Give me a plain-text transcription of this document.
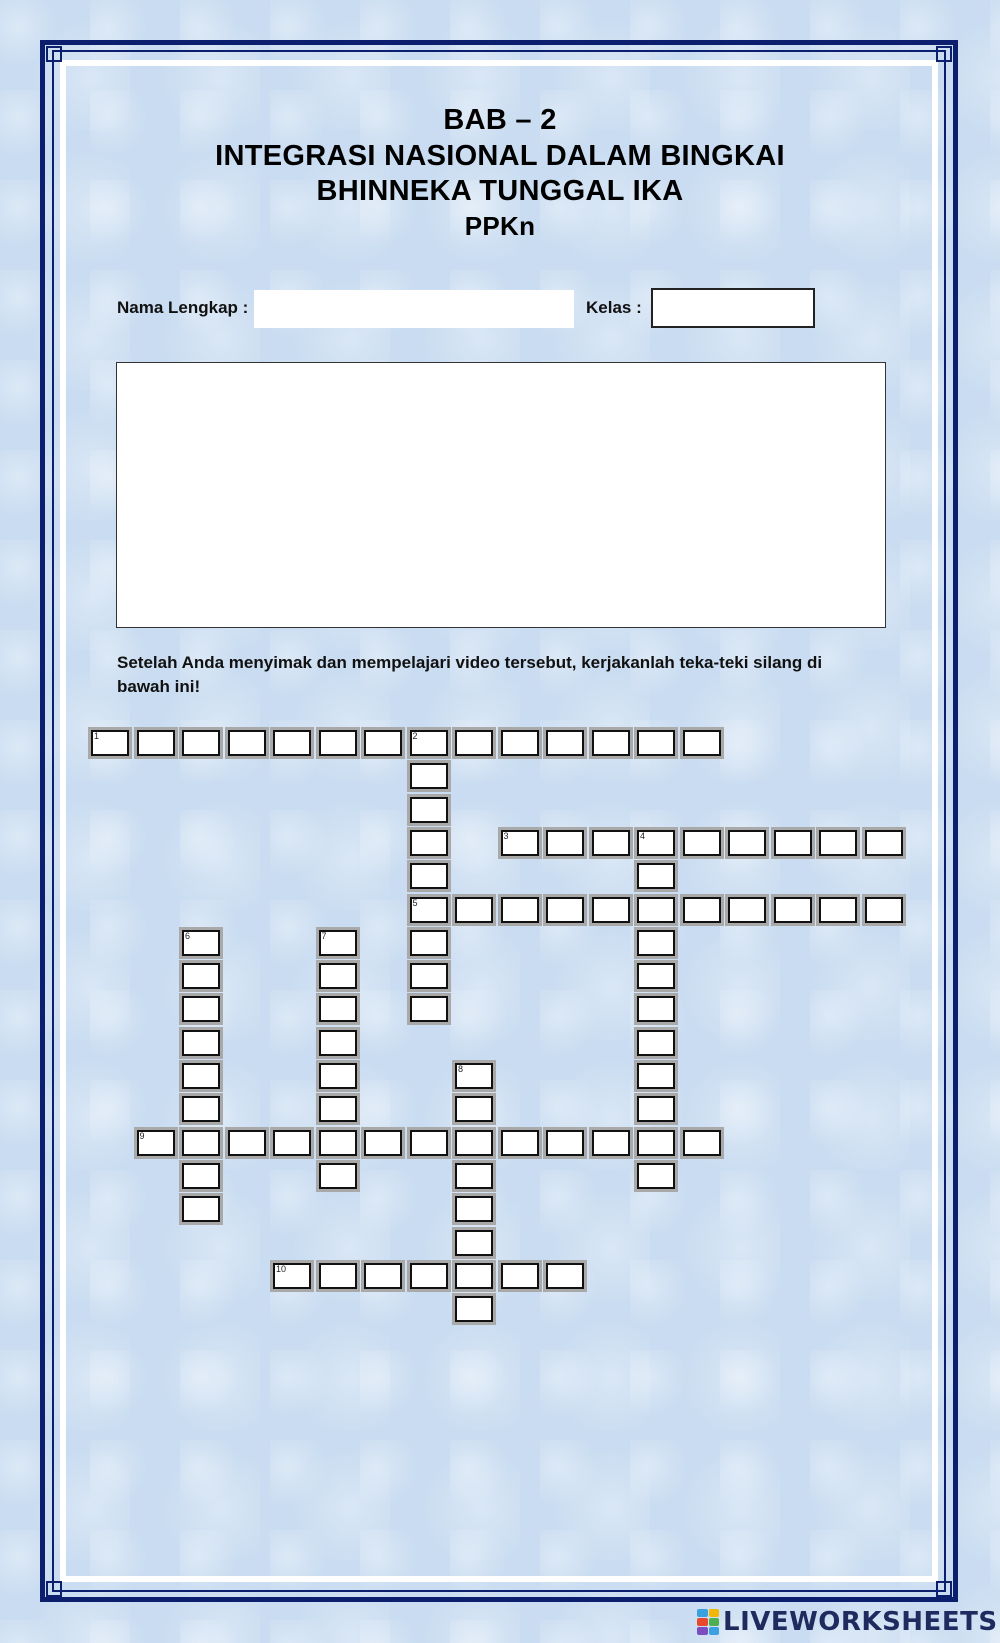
BAB – 2
INTEGRASI NASIONAL DALAM BINGKAI
BHINNEKA TUNGGAL IKA
PPKn
Nama Lengkap :	Kelas :
Setelah Anda menyimak dan mempelajari video tersebut, kerjakanlah teka-teki silang di bawah ini!
1	2
5
3	4
6	7
8
9
10
LIVEWORKSHEETS
